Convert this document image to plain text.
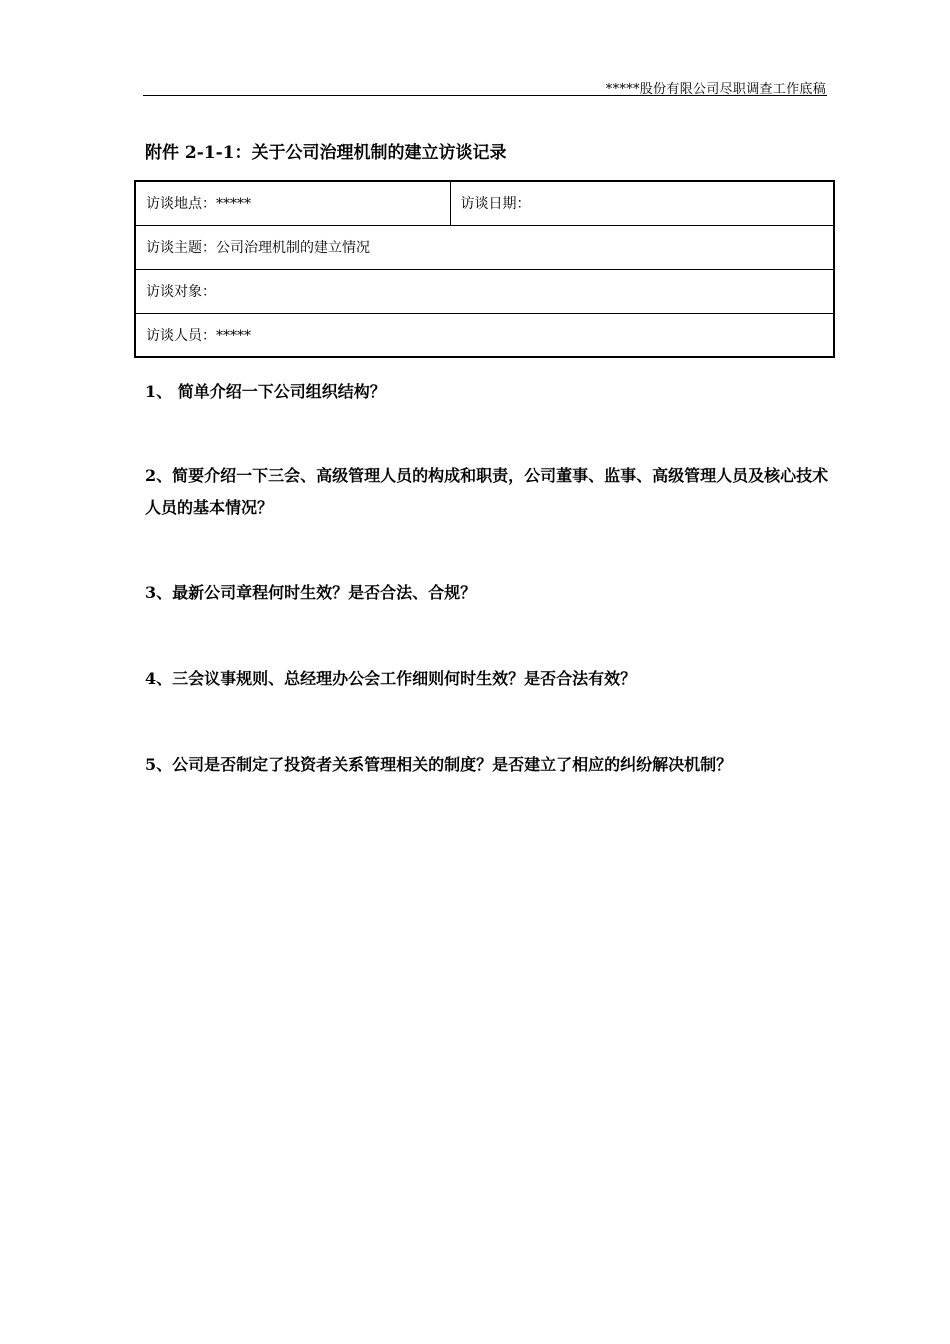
*****股份有限公司尽职调查工作底稿
附件 2-1-1：关于公司治理机制的建立访谈记录
访谈地点：*****	访谈日期：
访谈主题：公司治理机制的建立情况
访谈对象：
访谈人员：*****

1、 简单介绍一下公司组织结构？

2、简要介绍一下三会、高级管理人员的构成和职责，公司董事、监事、高级管理人员及核心技术人员的基本情况？

3、最新公司章程何时生效？是否合法、合规？

4、三会议事规则、总经理办公会工作细则何时生效？是否合法有效？

5、公司是否制定了投资者关系管理相关的制度？是否建立了相应的纠纷解决机制？
